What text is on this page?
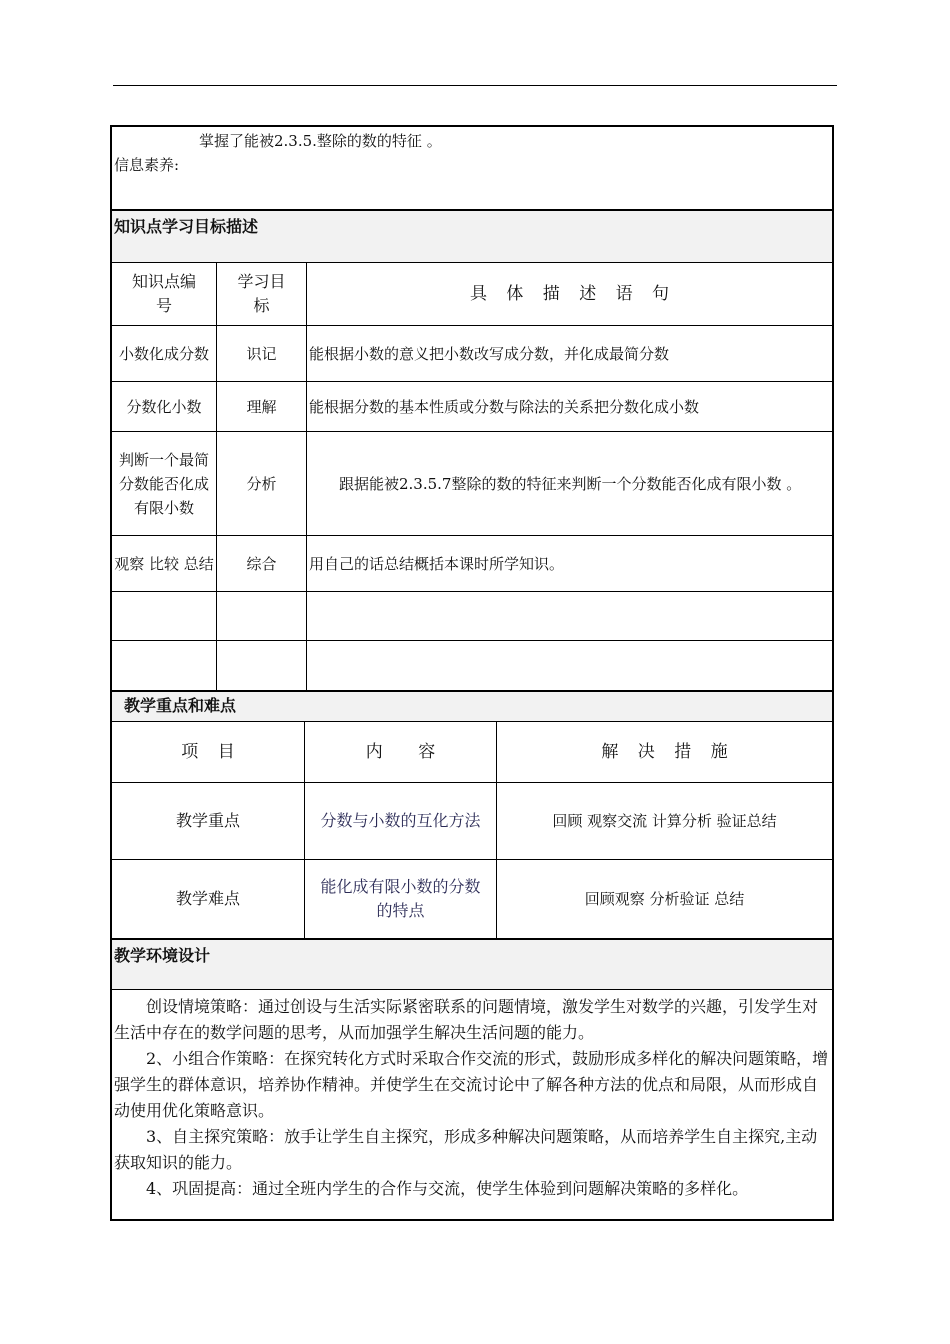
掌握了能被2.3.5.整除的数的特征 。
信息素养:
知识点学习目标描述		
知识点编 号	学习目标	具 体 描 述 语 句
小数化成分数	识记	能根据小数的意义把小数改写成分数，并化成最简分数
分数化小数	理解	能根据分数的基本性质或分数与除法的关系把分数化成小数
判断一个最简分数能否化成有限小数	分析	跟据能被2.3.5.7整除的数的特征来判断一个分数能否化成有限小数 。
观察 比较 总结	综合	用自己的话总结概括本课时所学知识。

教学重点和难点		
项 目	内 容	解 决 措 施
教学重点	分数与小数的互化方法	回顾 观察交流 计算分析 验证总结
教学难点	能化成有限小数的分数的特点	回顾观察 分析验证 总结
教学环境设计

创设情境策略：通过创设与生活实际紧密联系的问题情境，激发学生对数学的兴趣，引发学生对生活中存在的数学问题的思考，从而加强学生解决生活问题的能力。

2、小组合作策略：在探究转化方式时采取合作交流的形式，鼓励形成多样化的解决问题策略，增强学生的群体意识，培养协作精神。并使学生在交流讨论中了解各种方法的优点和局限，从而形成自动使用优化策略意识。

3、自主探究策略：放手让学生自主探究，形成多种解决问题策略，从而培养学生自主探究,主动获取知识的能力。

4、巩固提高：通过全班内学生的合作与交流，使学生体验到问题解决策略的多样化。
